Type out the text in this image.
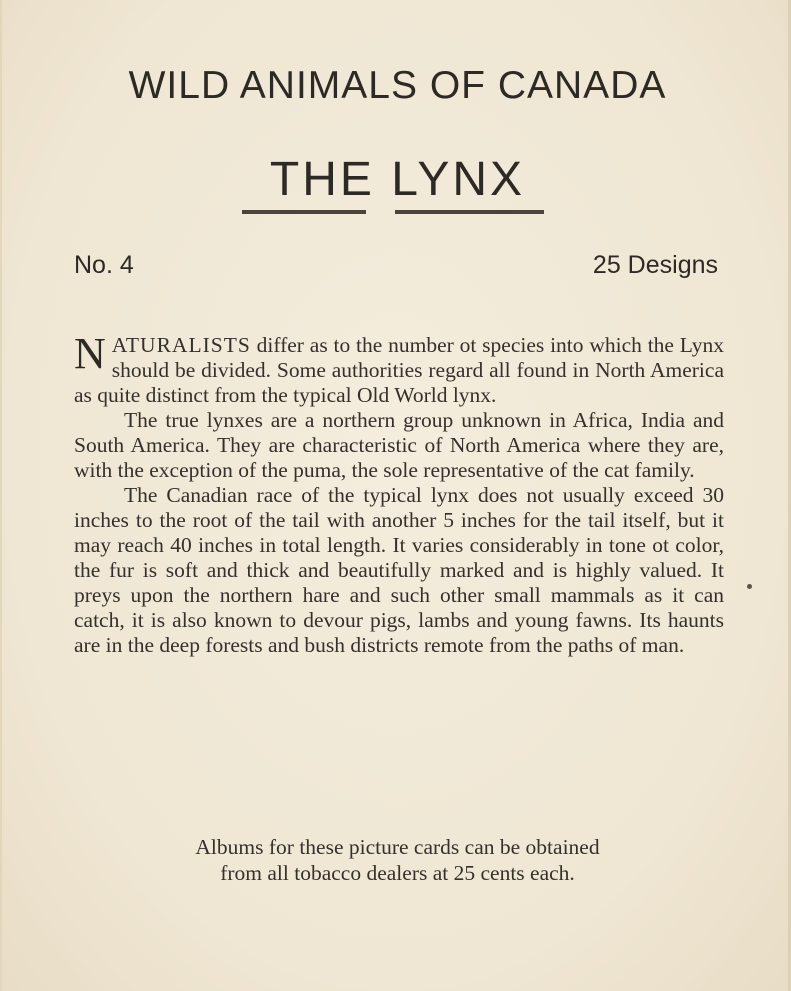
WILD ANIMALS OF CANADA
THE LYNX
No. 4	25 Designs

NATURALISTS differ as to the number ot species into which the Lynx should be divided. Some authorities regard all found in North America as quite distinct from the typical Old World lynx.

The true lynxes are a northern group unknown in Africa, India and South America. They are characteristic of North America where they are, with the exception of the puma, the sole representative of the cat family.

The Canadian race of the typical lynx does not usually exceed 30 inches to the root of the tail with another 5 inches for the tail itself, but it may reach 40 inches in total length. It varies considerably in tone ot color, the fur is soft and thick and beautifully marked and is highly valued. It preys upon the northern hare and such other small mammals as it can catch, it is also known to devour pigs, lambs and young fawns. Its haunts are in the deep forests and bush districts remote from the paths of man.

Albums for these picture cards can be obtained
from all tobacco dealers at 25 cents each.
